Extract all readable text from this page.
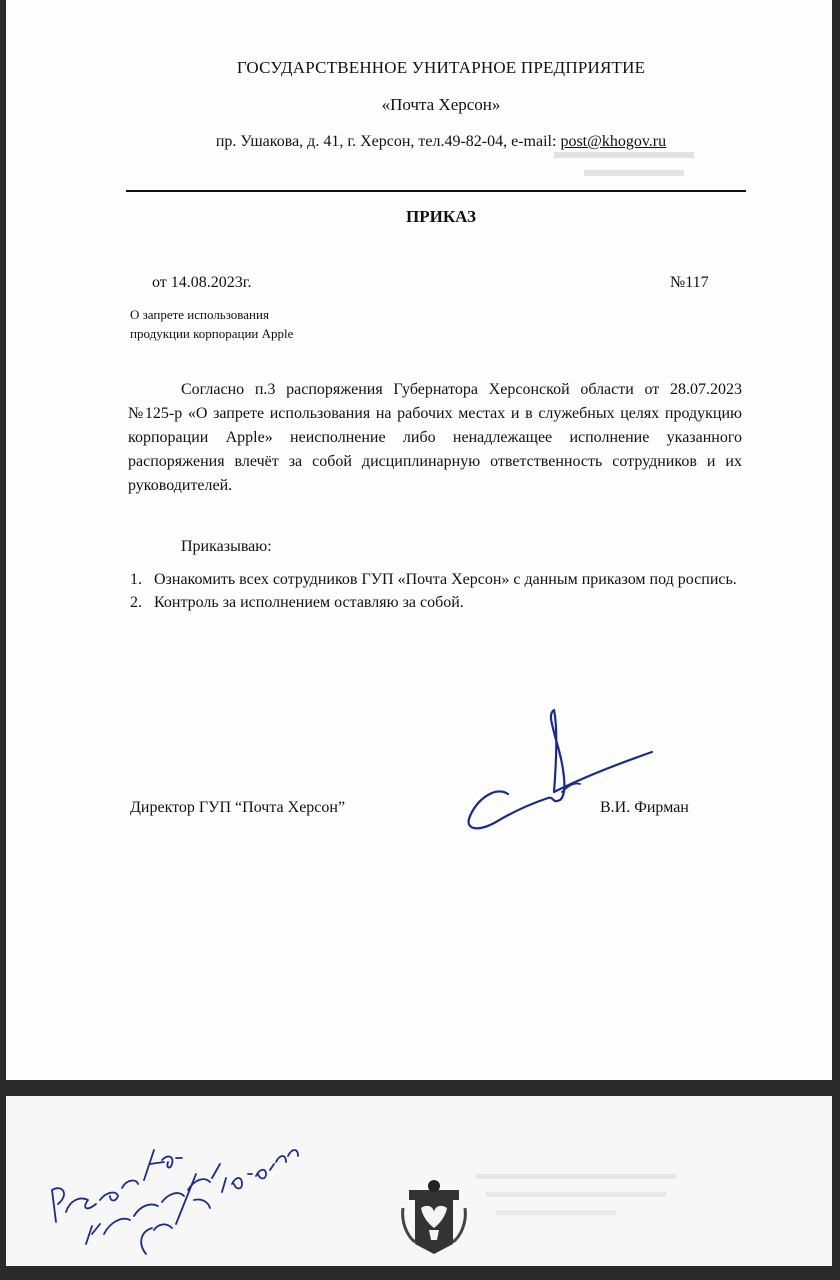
ГОСУДАРСТВЕННОЕ УНИТАРНОЕ ПРЕДПРИЯТИЕ
«Почта Херсон»
пр. Ушакова, д. 41, г. Херсон, тел.49-82-04, e-mail: post@khogov.ru
ПРИКАЗ
от 14.08.2023г.	№117
О запрете использования
продукции корпорации Apple

Согласно п.3 распоряжения Губернатора Херсонской области от 28.07.2023 №125-р «О запрете использования на рабочих местах и в служебных целях продукцию корпорации Apple» неисполнение либо ненадлежащее исполнение указанного распоряжения влечёт за собой дисциплинарную ответственность сотрудников и их руководителей.

Приказываю:
1. Ознакомить всех сотрудников ГУП «Почта Херсон» с данным приказом под роспись.
2. Контроль за исполнением оставляю за собой.
Директор ГУП “Почта Херсон”	В.И. Фирман
